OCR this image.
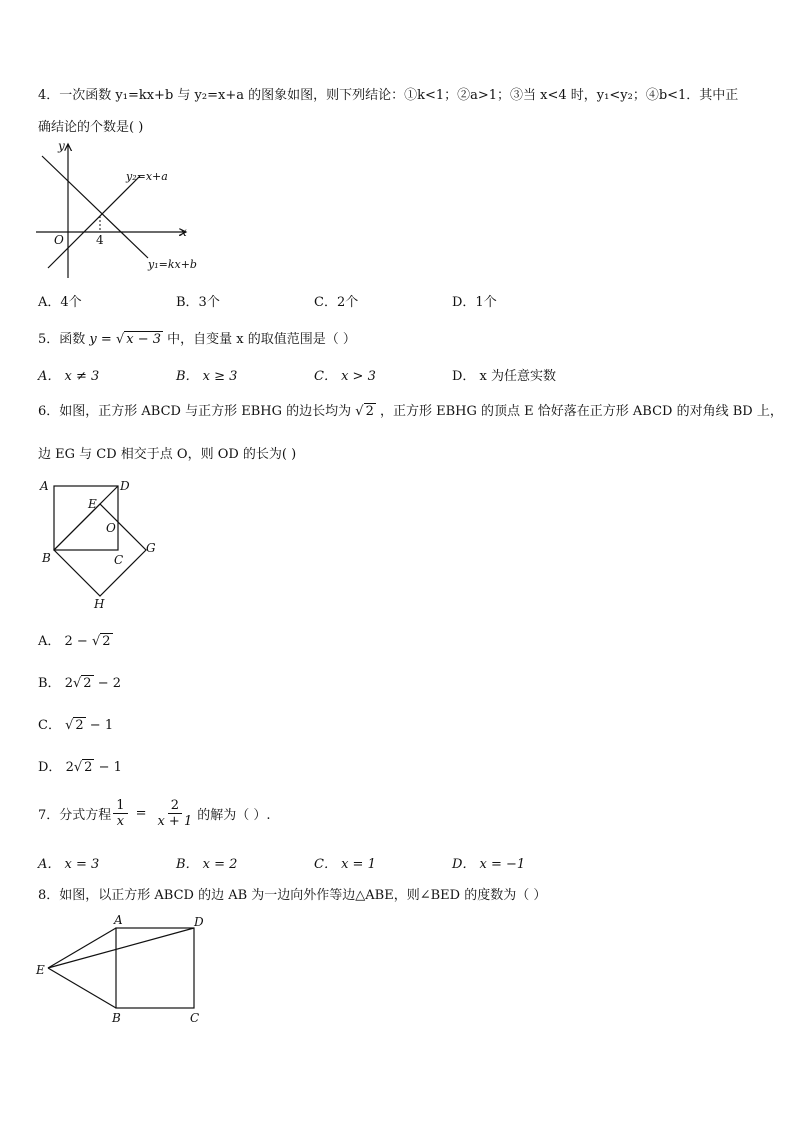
4．一次函数 y₁=kx+b 与 y₂=x+a 的图象如图，则下列结论：①k<1；②a>1；③当 x<4 时，y₁<y₂；④b<1．其中正
确结论的个数是( )
y
x
O	4
y₂=x+a
y₁=kx+b
A．4个	B．3个	C．2个	D．1个
5．函数 y = √ x − 3 中，自变量 x 的取值范围是（ ）
A． x ≠ 3	B． x ≥ 3	C． x > 3	D． x 为任意实数
6．如图，正方形 ABCD 与正方形 EBHG 的边长均为 √ 2 ，正方形 EBHG 的顶点 E 恰好落在正方形 ABCD 的对角线 BD 上，
边 EG 与 CD 相交于点 O，则 OD 的长为( )
A	D
E
O
B	C
G
H
A． 2 − √ 2
B． 2√ 2 − 2
C． √ 2 − 1
D． 2√ 2 − 1
7．分式方程 $\frac{1}{x} = \frac{2}{x + 1}$ 的解为（ ）.
A． x = 3	B． x = 2	C． x = 1	D． x = −1
8．如图，以正方形 ABCD 的边 AB 为一边向外作等边△ABE，则∠BED 的度数为（ ）
A	D
E
B	C
